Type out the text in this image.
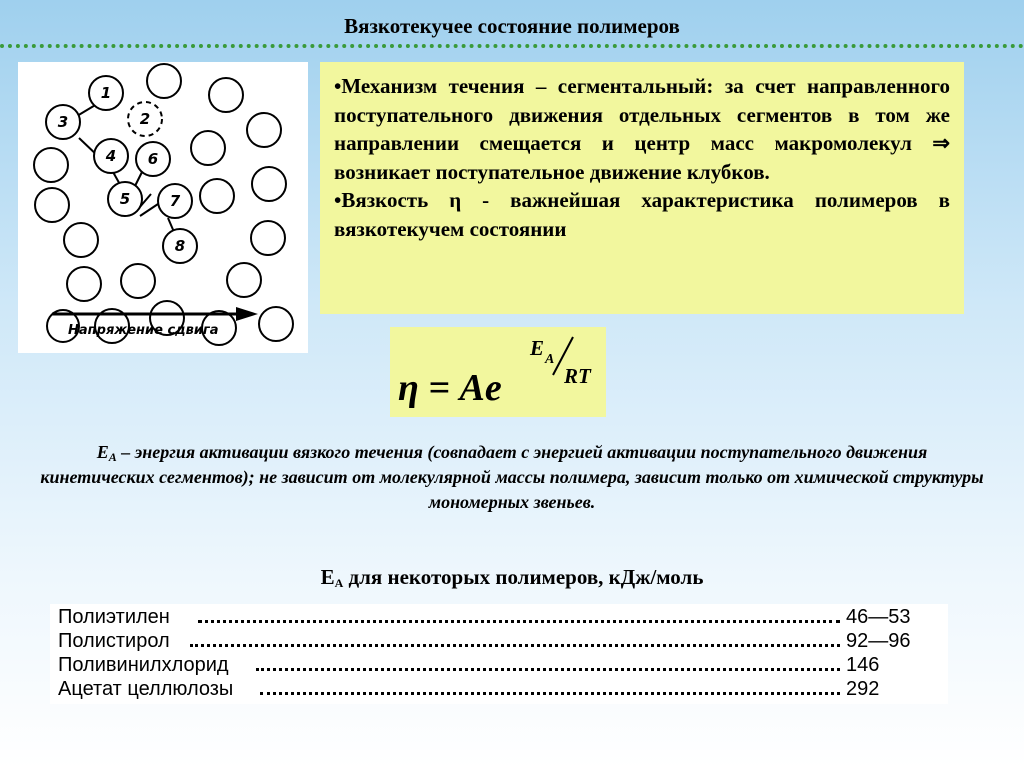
Вязкотекучее состояние полимеров
1
2
3
4
5
6
7
8
Напряжение сдвига

•Механизм течения – сегментальный: за счет направленного поступательного движения отдельных сегментов в том же направлении смещается и центр масс макромолекул ⇒ возникает поступательное движение клубков.

•Вязкость η - важнейшая характеристика полимеров в вязкотекучем состоянии

η = Ae
E A
RT
$E_A$ – энергия активации вязкого течения (совпадает с энергией активации поступательного движения кинетических сегментов); не зависит от молекулярной массы полимера, зависит только от химической структуры мономерных звеньев.
$E_A$ для некоторых полимеров, кДж/моль
Полиэтилен	46—53
Полистирол	92—96
Поливинилхлорид	146
Ацетат целлюлозы	292
